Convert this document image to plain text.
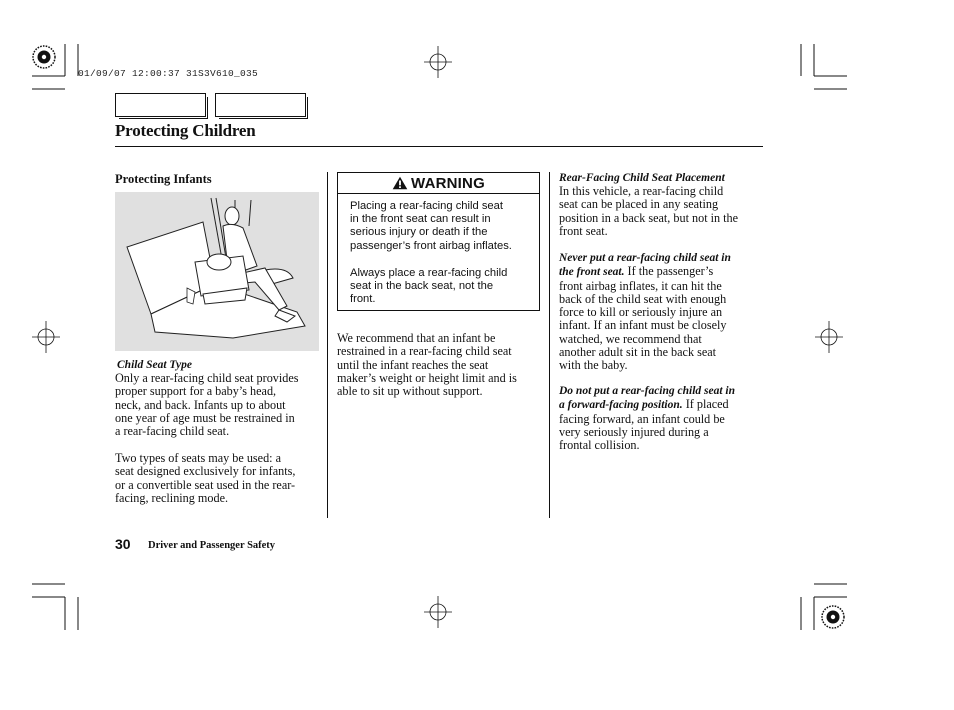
01/09/07 12:00:37 31S3V610_035
Protecting Children
Protecting Infants
Child Seat Type

Only a rear-facing child seat provides

proper support for a baby’s head,

neck, and back. Infants up to about

one year of age must be restrained in

a rear-facing child seat.

Two types of seats may be used: a

seat designed exclusively for infants,

or a convertible seat used in the rear-

facing, reclining mode.

WARNING

Placing a rear-facing child seat
in the front seat can result in
serious injury or death if the
passenger’s front airbag inflates.

Always place a rear-facing child
seat in the back seat, not the
front.

We recommend that an infant be

restrained in a rear-facing child seat

until the infant reaches the seat

maker’s weight or height limit and is

able to sit up without support.

Rear-Facing Child Seat Placement

In this vehicle, a rear-facing child

seat can be placed in any seating

position in a back seat, but not in the

front seat.

Never put a rear-facing child seat in

the front seat. If the passenger’s

front airbag inflates, it can hit the

back of the child seat with enough

force to kill or seriously injure an

infant. If an infant must be closely

watched, we recommend that

another adult sit in the back seat

with the baby.

Do not put a rear-facing child seat in

a forward-facing position. If placed

facing forward, an infant could be

very seriously injured during a

frontal collision.

30 Driver and Passenger Safety
